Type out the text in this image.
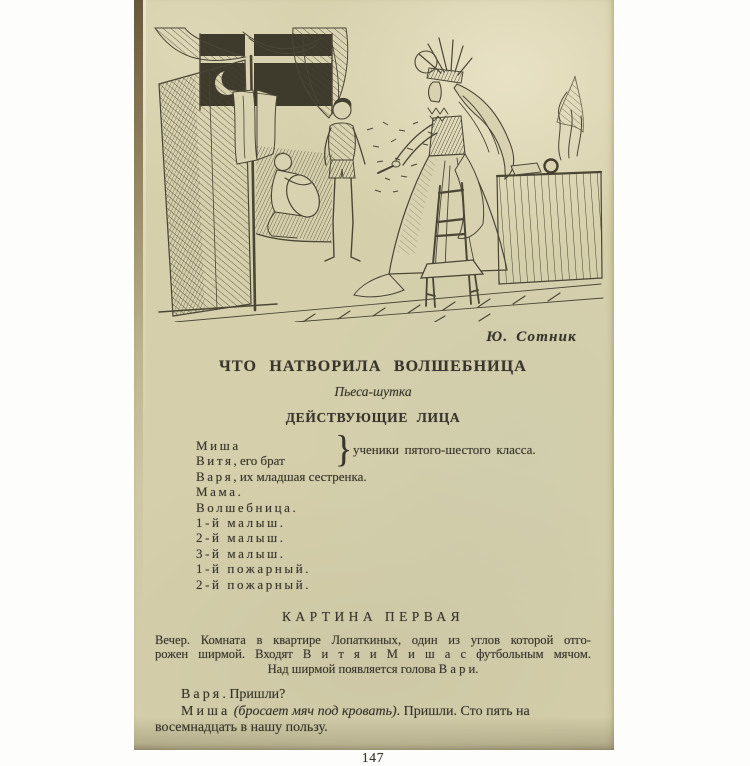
Ю. Сотник
ЧТО НАТВОРИЛА ВОЛШЕБНИЦА
Пьеса-шутка
ДЕЙСТВУЮЩИЕ ЛИЦА
Миша
Витя, его брат
Варя, их младшая сестренка.
Мама.
Волшебница.
1-й малыш.
2-й малыш.
3-й малыш.
1-й пожарный.
2-й пожарный.
} ученики пятого-шестого класса.
КАРТИНА ПЕРВАЯ
Вечер. Комната в квартире Лопаткиных, один из углов которой отго-
рожен ширмой. Входят В и т я и М и ш а с футбольным мячом.
Над ширмой появляется голова В а р и.

Варя. Пришли?

Миша (бросает мяч под кровать). Пришли. Сто пять на восемнадцать в нашу пользу.

147
